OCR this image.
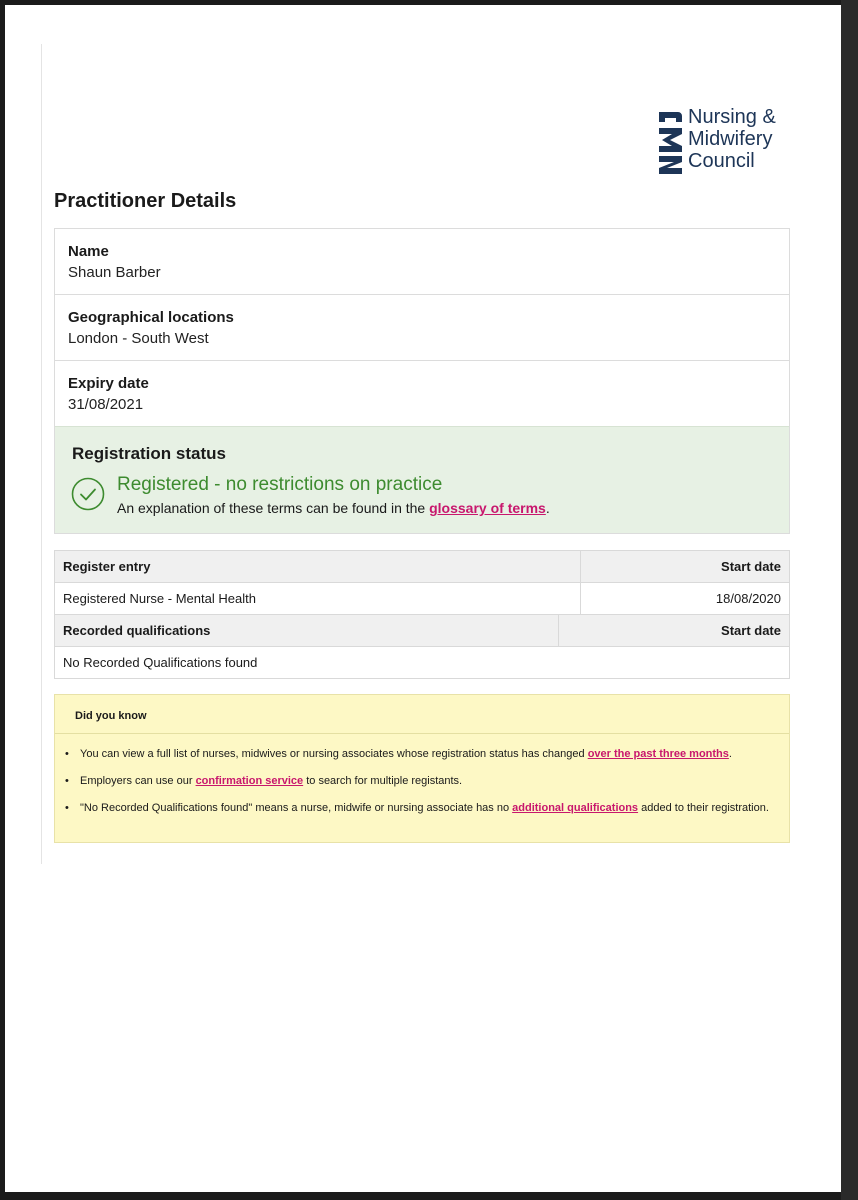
Nursing &
Midwifery
Council
Practitioner Details
Name
Shaun Barber
Geographical locations
London - South West
Expiry date
31/08/2021
Registration status
Registered - no restrictions on practice
An explanation of these terms can be found in the glossary of terms.
Register entry	Start date
Registered Nurse - Mental Health	18/08/2020
Recorded qualifications	Start date
No Recorded Qualifications found
Did you know
• You can view a full list of nurses, midwives or nursing associates whose registration status has changed over the past three months.
• Employers can use our confirmation service to search for multiple registants.
• "No Recorded Qualifications found" means a nurse, midwife or nursing associate has no additional qualifications added to their registration.
